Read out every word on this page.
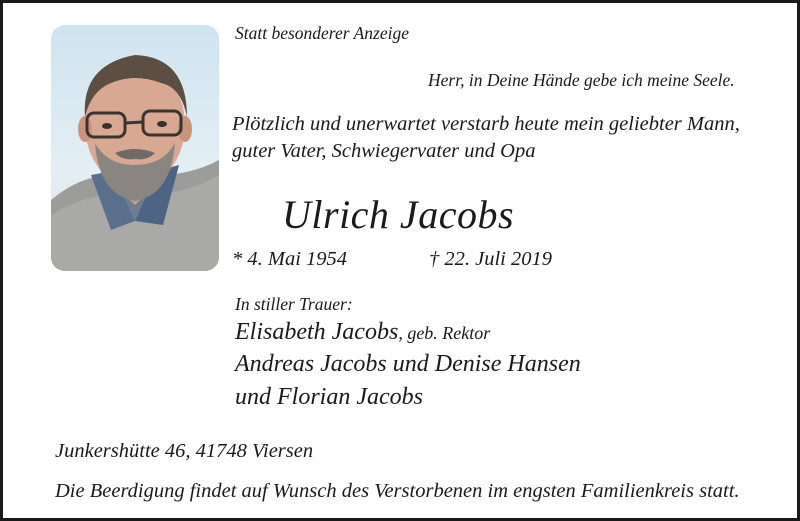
Statt besonderer Anzeige
Herr, in Deine Hände gebe ich meine Seele.
Plötzlich und unerwartet verstarb heute mein geliebter Mann,
guter Vater, Schwiegervater und Opa
Ulrich Jacobs
* 4. Mai 1954	† 22. Juli 2019
In stiller Trauer:
Elisabeth Jacobs, geb. Rektor
Andreas Jacobs und Denise Hansen
und Florian Jacobs
Junkershütte 46, 41748 Viersen
Die Beerdigung findet auf Wunsch des Verstorbenen im engsten Familienkreis statt.
